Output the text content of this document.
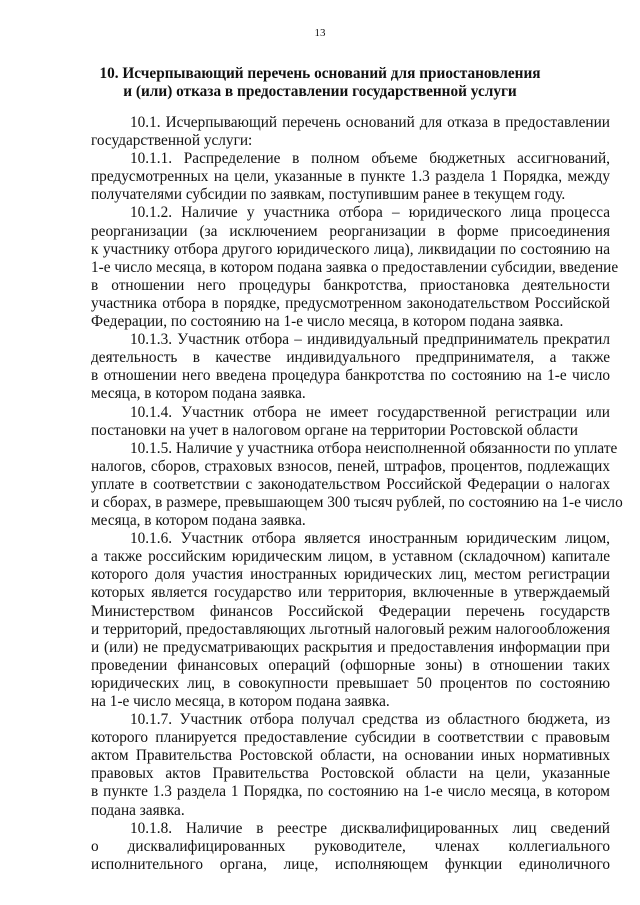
13
10. Исчерпывающий перечень оснований для приостановления
и (или) отказа в предоставлении государственной услуги
10.1. Исчерпывающий перечень оснований для отказа в предоставлении
государственной услуги:
10.1.1. Распределение в полном объеме бюджетных ассигнований,
предусмотренных на цели, указанные в пункте 1.3 раздела 1 Порядка, между
получателями субсидии по заявкам, поступившим ранее в текущем году.
10.1.2. Наличие у участника отбора – юридического лица процесса
реорганизации (за исключением реорганизации в форме присоединения
к участнику отбора другого юридического лица), ликвидации по состоянию на
1-е число месяца, в котором подана заявка о предоставлении субсидии, введение
в отношении него процедуры банкротства, приостановка деятельности
участника отбора в порядке, предусмотренном законодательством Российской
Федерации, по состоянию на 1-е число месяца, в котором подана заявка.
10.1.3. Участник отбора – индивидуальный предприниматель прекратил
деятельность в качестве индивидуального предпринимателя, а также
в отношении него введена процедура банкротства по состоянию на 1-е число
месяца, в котором подана заявка.
10.1.4. Участник отбора не имеет государственной регистрации или
постановки на учет в налоговом органе на территории Ростовской области
10.1.5. Наличие у участника отбора неисполненной обязанности по уплате
налогов, сборов, страховых взносов, пеней, штрафов, процентов, подлежащих
уплате в соответствии с законодательством Российской Федерации о налогах
и сборах, в размере, превышающем 300 тысяч рублей, по состоянию на 1-е число
месяца, в котором подана заявка.
10.1.6. Участник отбора является иностранным юридическим лицом,
а также российским юридическим лицом, в уставном (складочном) капитале
которого доля участия иностранных юридических лиц, местом регистрации
которых является государство или территория, включенные в утверждаемый
Министерством финансов Российской Федерации перечень государств
и территорий, предоставляющих льготный налоговый режим налогообложения
и (или) не предусматривающих раскрытия и предоставления информации при
проведении финансовых операций (офшорные зоны) в отношении таких
юридических лиц, в совокупности превышает 50 процентов по состоянию
на 1-е число месяца, в котором подана заявка.
10.1.7. Участник отбора получал средства из областного бюджета, из
которого планируется предоставление субсидии в соответствии с правовым
актом Правительства Ростовской области, на основании иных нормативных
правовых актов Правительства Ростовской области на цели, указанные
в пункте 1.3 раздела 1 Порядка, по состоянию на 1-е число месяца, в котором
подана заявка.
10.1.8. Наличие в реестре дисквалифицированных лиц сведений
о дисквалифицированных руководителе, членах коллегиального
исполнительного органа, лице, исполняющем функции единоличного
